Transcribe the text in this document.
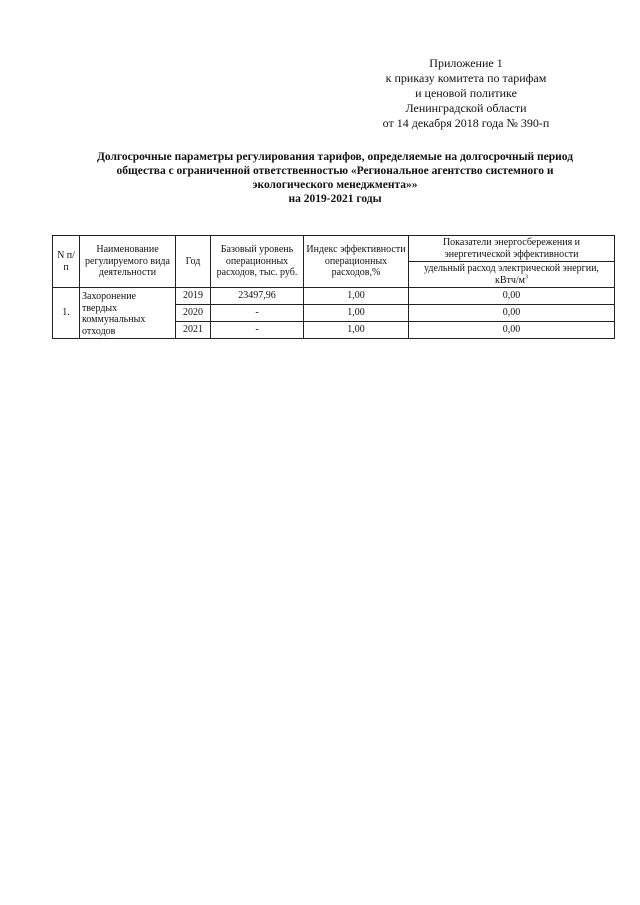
Приложение 1
к приказу комитета по тарифам
и ценовой политике
Ленинградской области
от 14 декабря 2018 года № 390-п
Долгосрочные параметры регулирования тарифов, определяемые на долгосрочный период
общества с ограниченной ответственностью «Региональное агентство системного и
экологического менеджмента»»
на 2019-2021 годы
N п/п	Наименование регулируемого вида деятельности	Год	Базовый уровень операционных расходов, тыс. руб.	Индекс эффективности операционных расходов,%	Показатели энергосбережения и энергетической эффективности
					удельный расход электрической энергии, кВтч/$м^3$
1.	Захоронение твердых коммунальных отходов	2019	23497,96	1,00	0,00
		2020	-	1,00	0,00
		2021	-	1,00	0,00
